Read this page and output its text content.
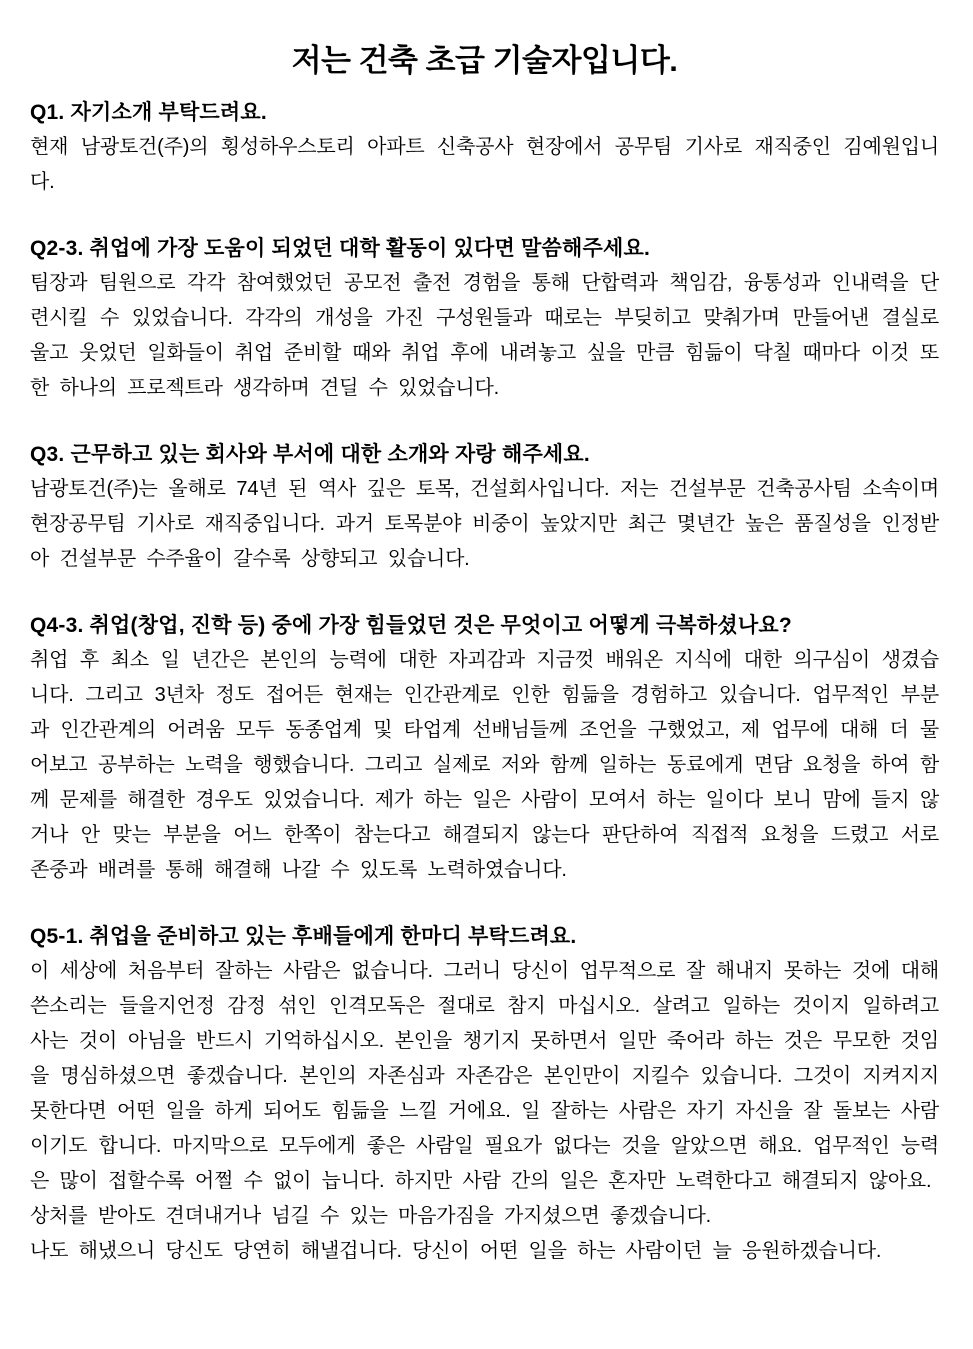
저는 건축 초급 기술자입니다.
Q1. 자기소개 부탁드려요.

현재 남광토건(주)의 횡성하우스토리 아파트 신축공사 현장에서 공무팀 기사로 재직중인 김예원입니다.

Q2-3. 취업에 가장 도움이 되었던 대학 활동이 있다면 말씀해주세요.

팀장과 팀원으로 각각 참여했었던 공모전 출전 경험을 통해 단합력과 책임감, 융통성과 인내력을 단련시킬 수 있었습니다. 각각의 개성을 가진 구성원들과 때로는 부딪히고 맞춰가며 만들어낸 결실로 울고 웃었던 일화들이 취업 준비할 때와 취업 후에 내려놓고 싶을 만큼 힘듦이 닥칠 때마다 이것 또한 하나의 프로젝트라 생각하며 견딜 수 있었습니다.

Q3. 근무하고 있는 회사와 부서에 대한 소개와 자랑 해주세요.

남광토건(주)는 올해로 74년 된 역사 깊은 토목, 건설회사입니다. 저는 건설부문 건축공사팀 소속이며 현장공무팀 기사로 재직중입니다. 과거 토목분야 비중이 높았지만 최근 몇년간 높은 품질성을 인정받아 건설부문 수주율이 갈수록 상향되고 있습니다.

Q4-3. 취업(창업, 진학 등) 중에 가장 힘들었던 것은 무엇이고 어떻게 극복하셨나요?

취업 후 최소 일 년간은 본인의 능력에 대한 자괴감과 지금껏 배워온 지식에 대한 의구심이 생겼습니다. 그리고 3년차 정도 접어든 현재는 인간관계로 인한 힘듦을 경험하고 있습니다. 업무적인 부분과 인간관계의 어려움 모두 동종업계 및 타업계 선배님들께 조언을 구했었고, 제 업무에 대해 더 물어보고 공부하는 노력을 행했습니다. 그리고 실제로 저와 함께 일하는 동료에게 면담 요청을 하여 함께 문제를 해결한 경우도 있었습니다. 제가 하는 일은 사람이 모여서 하는 일이다 보니 맘에 들지 않거나 안 맞는 부분을 어느 한쪽이 참는다고 해결되지 않는다 판단하여 직접적 요청을 드렸고 서로 존중과 배려를 통해 해결해 나갈 수 있도록 노력하였습니다.

Q5-1. 취업을 준비하고 있는 후배들에게 한마디 부탁드려요.

이 세상에 처음부터 잘하는 사람은 없습니다. 그러니 당신이 업무적으로 잘 해내지 못하는 것에 대해 쓴소리는 들을지언정 감정 섞인 인격모독은 절대로 참지 마십시오. 살려고 일하는 것이지 일하려고 사는 것이 아님을 반드시 기억하십시오. 본인을 챙기지 못하면서 일만 죽어라 하는 것은 무모한 것임을 명심하셨으면 좋겠습니다. 본인의 자존심과 자존감은 본인만이 지킬수 있습니다. 그것이 지켜지지 못한다면 어떤 일을 하게 되어도 힘듦을 느낄 거에요. 일 잘하는 사람은 자기 자신을 잘 돌보는 사람이기도 합니다. 마지막으로 모두에게 좋은 사람일 필요가 없다는 것을 알았으면 해요. 업무적인 능력은 많이 접할수록 어쩔 수 없이 늡니다. 하지만 사람 간의 일은 혼자만 노력한다고 해결되지 않아요.

상처를 받아도 견뎌내거나 넘길 수 있는 마음가짐을 가지셨으면 좋겠습니다.

나도 해냈으니 당신도 당연히 해낼겁니다. 당신이 어떤 일을 하는 사람이던 늘 응원하겠습니다.
